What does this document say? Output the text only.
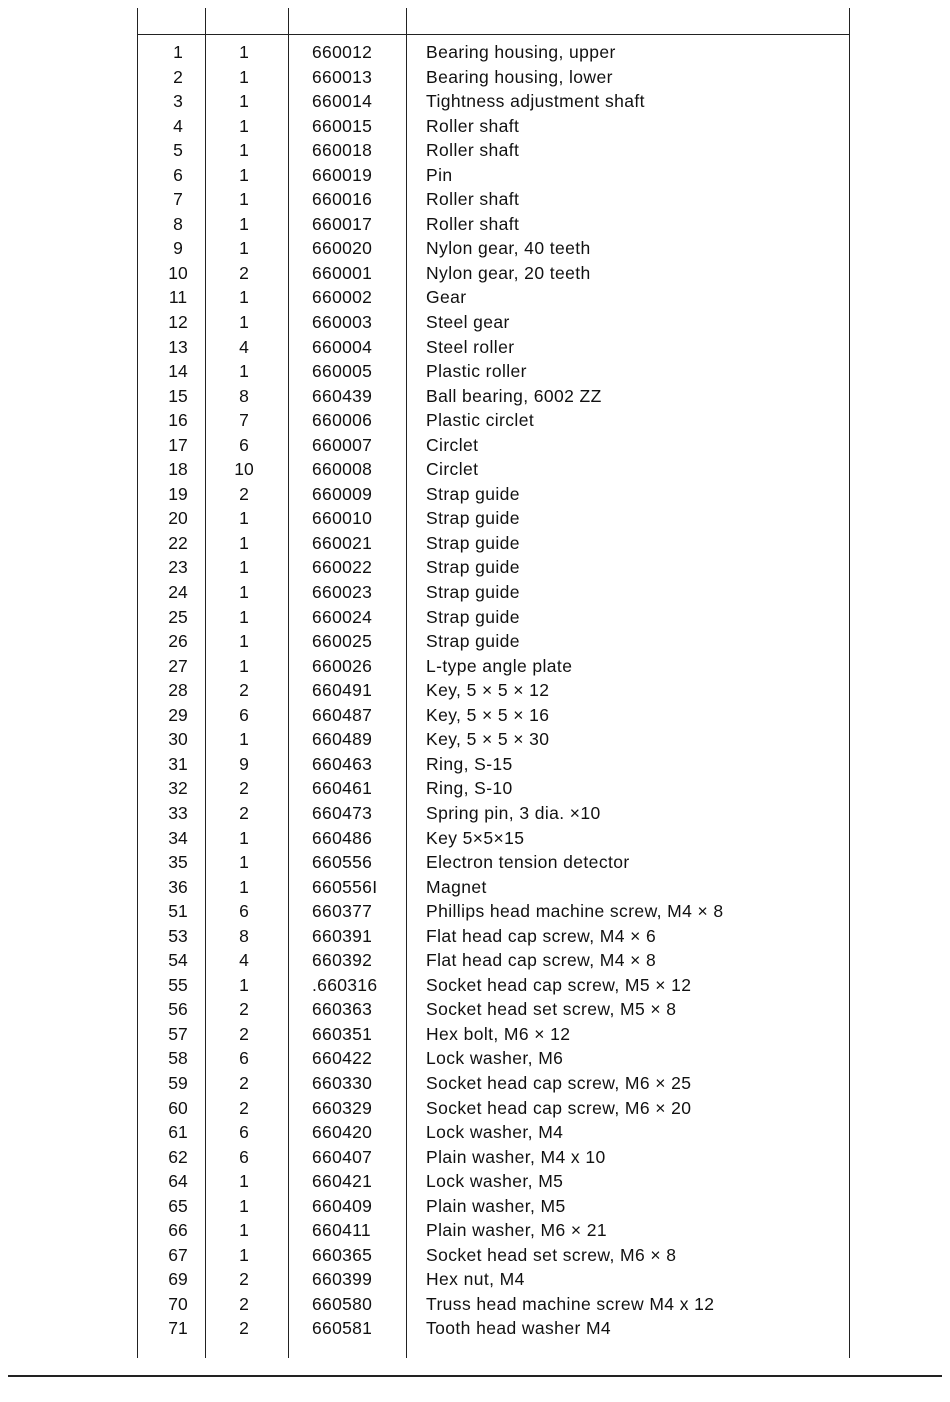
1	1	660012	Bearing housing, upper
2	1	660013	Bearing housing, lower
3	1	660014	Tightness adjustment shaft
4	1	660015	Roller shaft
5	1	660018	Roller shaft
6	1	660019	Pin
7	1	660016	Roller shaft
8	1	660017	Roller shaft
9	1	660020	Nylon gear, 40 teeth
10	2	660001	Nylon gear, 20 teeth
11	1	660002	Gear
12	1	660003	Steel gear
13	4	660004	Steel roller
14	1	660005	Plastic roller
15	8	660439	Ball bearing, 6002 ZZ
16	7	660006	Plastic circlet
17	6	660007	Circlet
18	10	660008	Circlet
19	2	660009	Strap guide
20	1	660010	Strap guide
22	1	660021	Strap guide
23	1	660022	Strap guide
24	1	660023	Strap guide
25	1	660024	Strap guide
26	1	660025	Strap guide
27	1	660026	L-type angle plate
28	2	660491	Key, 5 × 5 × 12
29	6	660487	Key, 5 × 5 × 16
30	1	660489	Key, 5 × 5 × 30
31	9	660463	Ring, S-15
32	2	660461	Ring, S-10
33	2	660473	Spring pin, 3 dia. ×10
34	1	660486	Key 5×5×15
35	1	660556	Electron tension detector
36	1	660556I	Magnet
51	6	660377	Phillips head machine screw, M4 × 8
53	8	660391	Flat head cap screw, M4 × 6
54	4	660392	Flat head cap screw, M4 × 8
55	1	.660316	Socket head cap screw, M5 × 12
56	2	660363	Socket head set screw, M5 × 8
57	2	660351	Hex bolt, M6 × 12
58	6	660422	Lock washer, M6
59	2	660330	Socket head cap screw, M6 × 25
60	2	660329	Socket head cap screw, M6 × 20
61	6	660420	Lock washer, M4
62	6	660407	Plain washer, M4 x 10
64	1	660421	Lock washer, M5
65	1	660409	Plain washer, M5
66	1	660411	Plain washer, M6 × 21
67	1	660365	Socket head set screw, M6 × 8
69	2	660399	Hex nut, M4
70	2	660580	Truss head machine screw M4 x 12
71	2	660581	Tooth head washer M4
